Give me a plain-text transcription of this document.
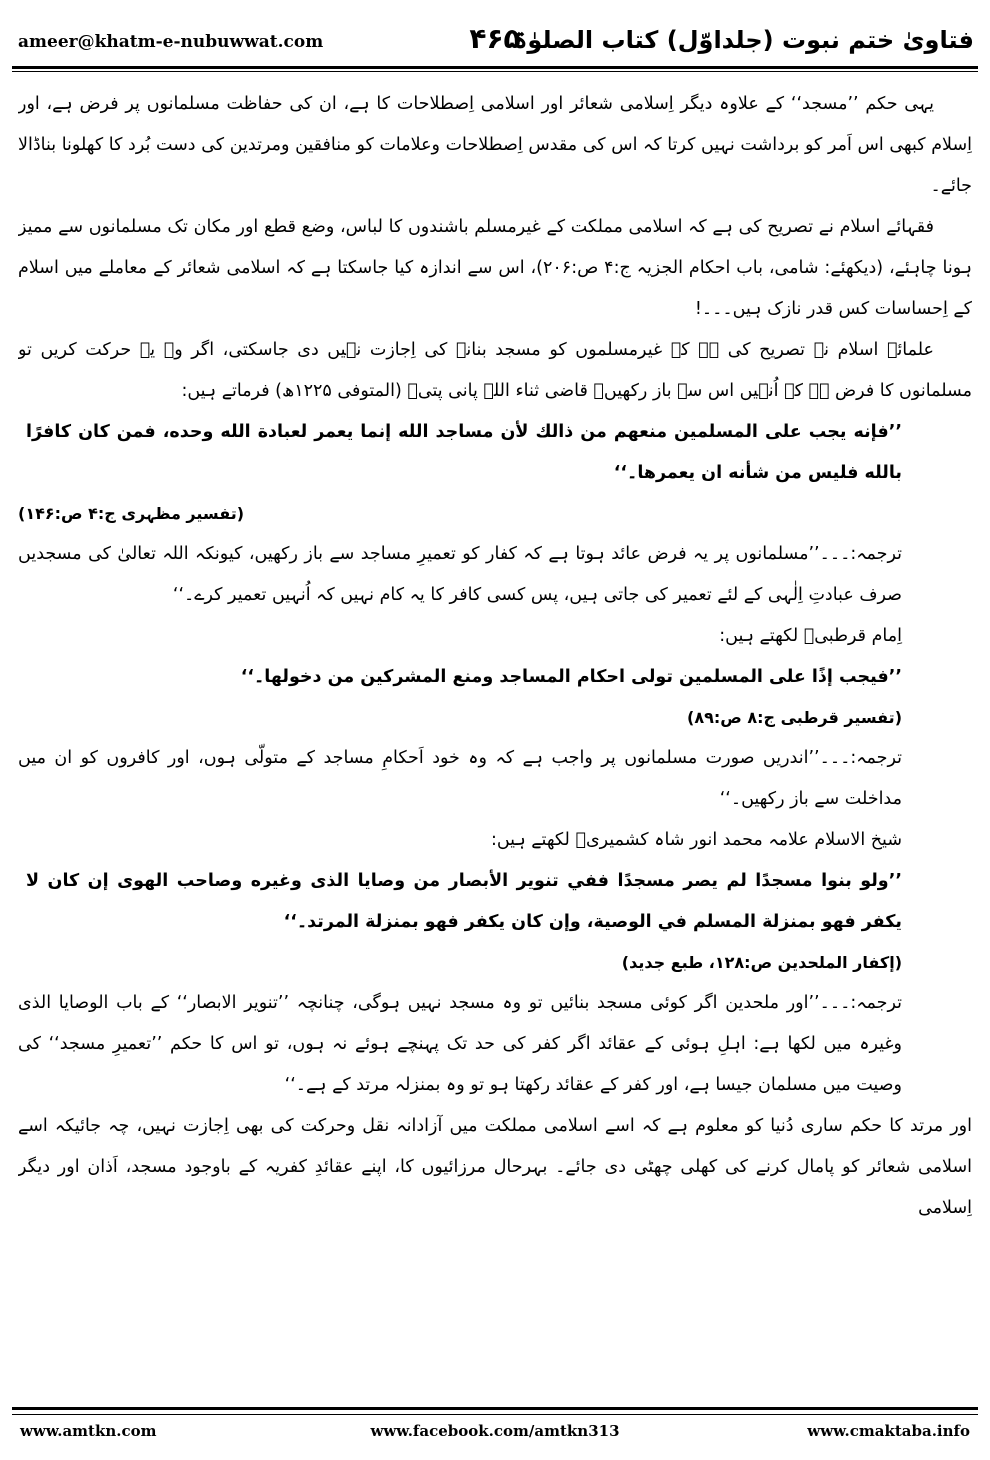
ameer@khatm-e-nubuwwat.com	۴۶۵
فتاویٰ ختم نبوت (جلداوّل) کتاب الصلوٰۃ

یہی حکم ’’مسجد‘‘ کے علاوہ دیگر اِسلامی شعائر اور اسلامی اِصطلاحات کا ہے، ان کی حفاظت مسلمانوں پر فرض ہے، اور اِسلام کبھی اس اَمر کو برداشت نہیں کرتا کہ اس کی مقدس اِصطلاحات وعلامات کو منافقین ومرتدین کی دست بُرد کا کھلونا بناڈالا جائے۔

فقہائے اسلام نے تصریح کی ہے کہ اسلامی مملکت کے غیرمسلم باشندوں کا لباس، وضع قطع اور مکان تک مسلمانوں سے ممیز ہونا چاہئے، (دیکھئے: شامی، باب احکام الجزیہ ج:۴ ص:۲۰۶)، اس سے اندازہ کیا جاسکتا ہے کہ اسلامی شعائر کے معاملے میں اسلام کے اِحساسات کس قدر نازک ہیں۔۔۔!

علمائے اسلام نے تصریح کی ہے کہ غیرمسلموں کو مسجد بنانے کی اِجازت نہیں دی جاسکتی، اگر وہ یہ حرکت کریں تو مسلمانوں کا فرض ہے کہ اُنہیں اس سے باز رکھیں۔ قاضی ثناء اللہ پانی پتیؒ (المتوفی ۱۲۲۵ھ) فرماتے ہیں:

’’فإنه يجب على المسلمين منعهم من ذالك لأن مساجد الله إنما يعمر لعبادة الله وحده، فمن كان كافرًا بالله فليس من شأنه ان يعمرها۔‘‘

(تفسیر مظہری ج:۴ ص:۱۴۶)

ترجمہ:۔۔۔’’مسلمانوں پر یہ فرض عائد ہوتا ہے کہ کفار کو تعمیرِ مساجد سے باز رکھیں، کیونکہ اللہ تعالیٰ کی مسجدیں صرف عبادتِ اِلٰہی کے لئے تعمیر کی جاتی ہیں، پس کسی کافر کا یہ کام نہیں کہ اُنہیں تعمیر کرے۔‘‘

اِمام قرطبیؒ لکھتے ہیں:

’’فيجب إذًا على المسلمين تولى احكام المساجد ومنع المشركين من دخولها۔‘‘

(تفسیر قرطبی ج:۸ ص:۸۹)

ترجمہ:۔۔۔’’اندریں صورت مسلمانوں پر واجب ہے کہ وہ خود اَحکامِ مساجد کے متولّی ہوں، اور کافروں کو ان میں مداخلت سے باز رکھیں۔‘‘

شیخ الاسلام علامہ محمد انور شاہ کشمیریؒ لکھتے ہیں:

’’ولو بنوا مسجدًا لم يصر مسجدًا ففي تنوير الأبصار من وصايا الذى وغيره وصاحب الهوى إن كان لا يكفر فهو بمنزلة المسلم في الوصية، وإن كان يكفر فهو بمنزلة المرتد۔‘‘

(إكفار الملحدين ص:۱۲۸، طبع جديد)

ترجمہ:۔۔۔’’اور ملحدین اگر کوئی مسجد بنائیں تو وہ مسجد نہیں ہوگی، چنانچہ ’’تنویر الابصار‘‘ کے باب الوصایا الذی وغیرہ میں لکھا ہے: اہلِ ہوئی کے عقائد اگر کفر کی حد تک پہنچے ہوئے نہ ہوں، تو اس کا حکم ’’تعمیرِ مسجد‘‘ کی وصیت میں مسلمان جیسا ہے، اور کفر کے عقائد رکھتا ہو تو وہ بمنزلہ مرتد کے ہے۔‘‘

اور مرتد کا حکم ساری دُنیا کو معلوم ہے کہ اسے اسلامی مملکت میں آزادانہ نقل وحرکت کی بھی اِجازت نہیں، چہ جائیکہ اسے اسلامی شعائر کو پامال کرنے کی کھلی چھٹی دی جائے۔ بہرحال مرزائیوں کا، اپنے عقائدِ کفریہ کے باوجود مسجد، اَذان اور دیگر اِسلامی

www.amtkn.com	www.facebook.com/amtkn313	www.cmaktaba.info
